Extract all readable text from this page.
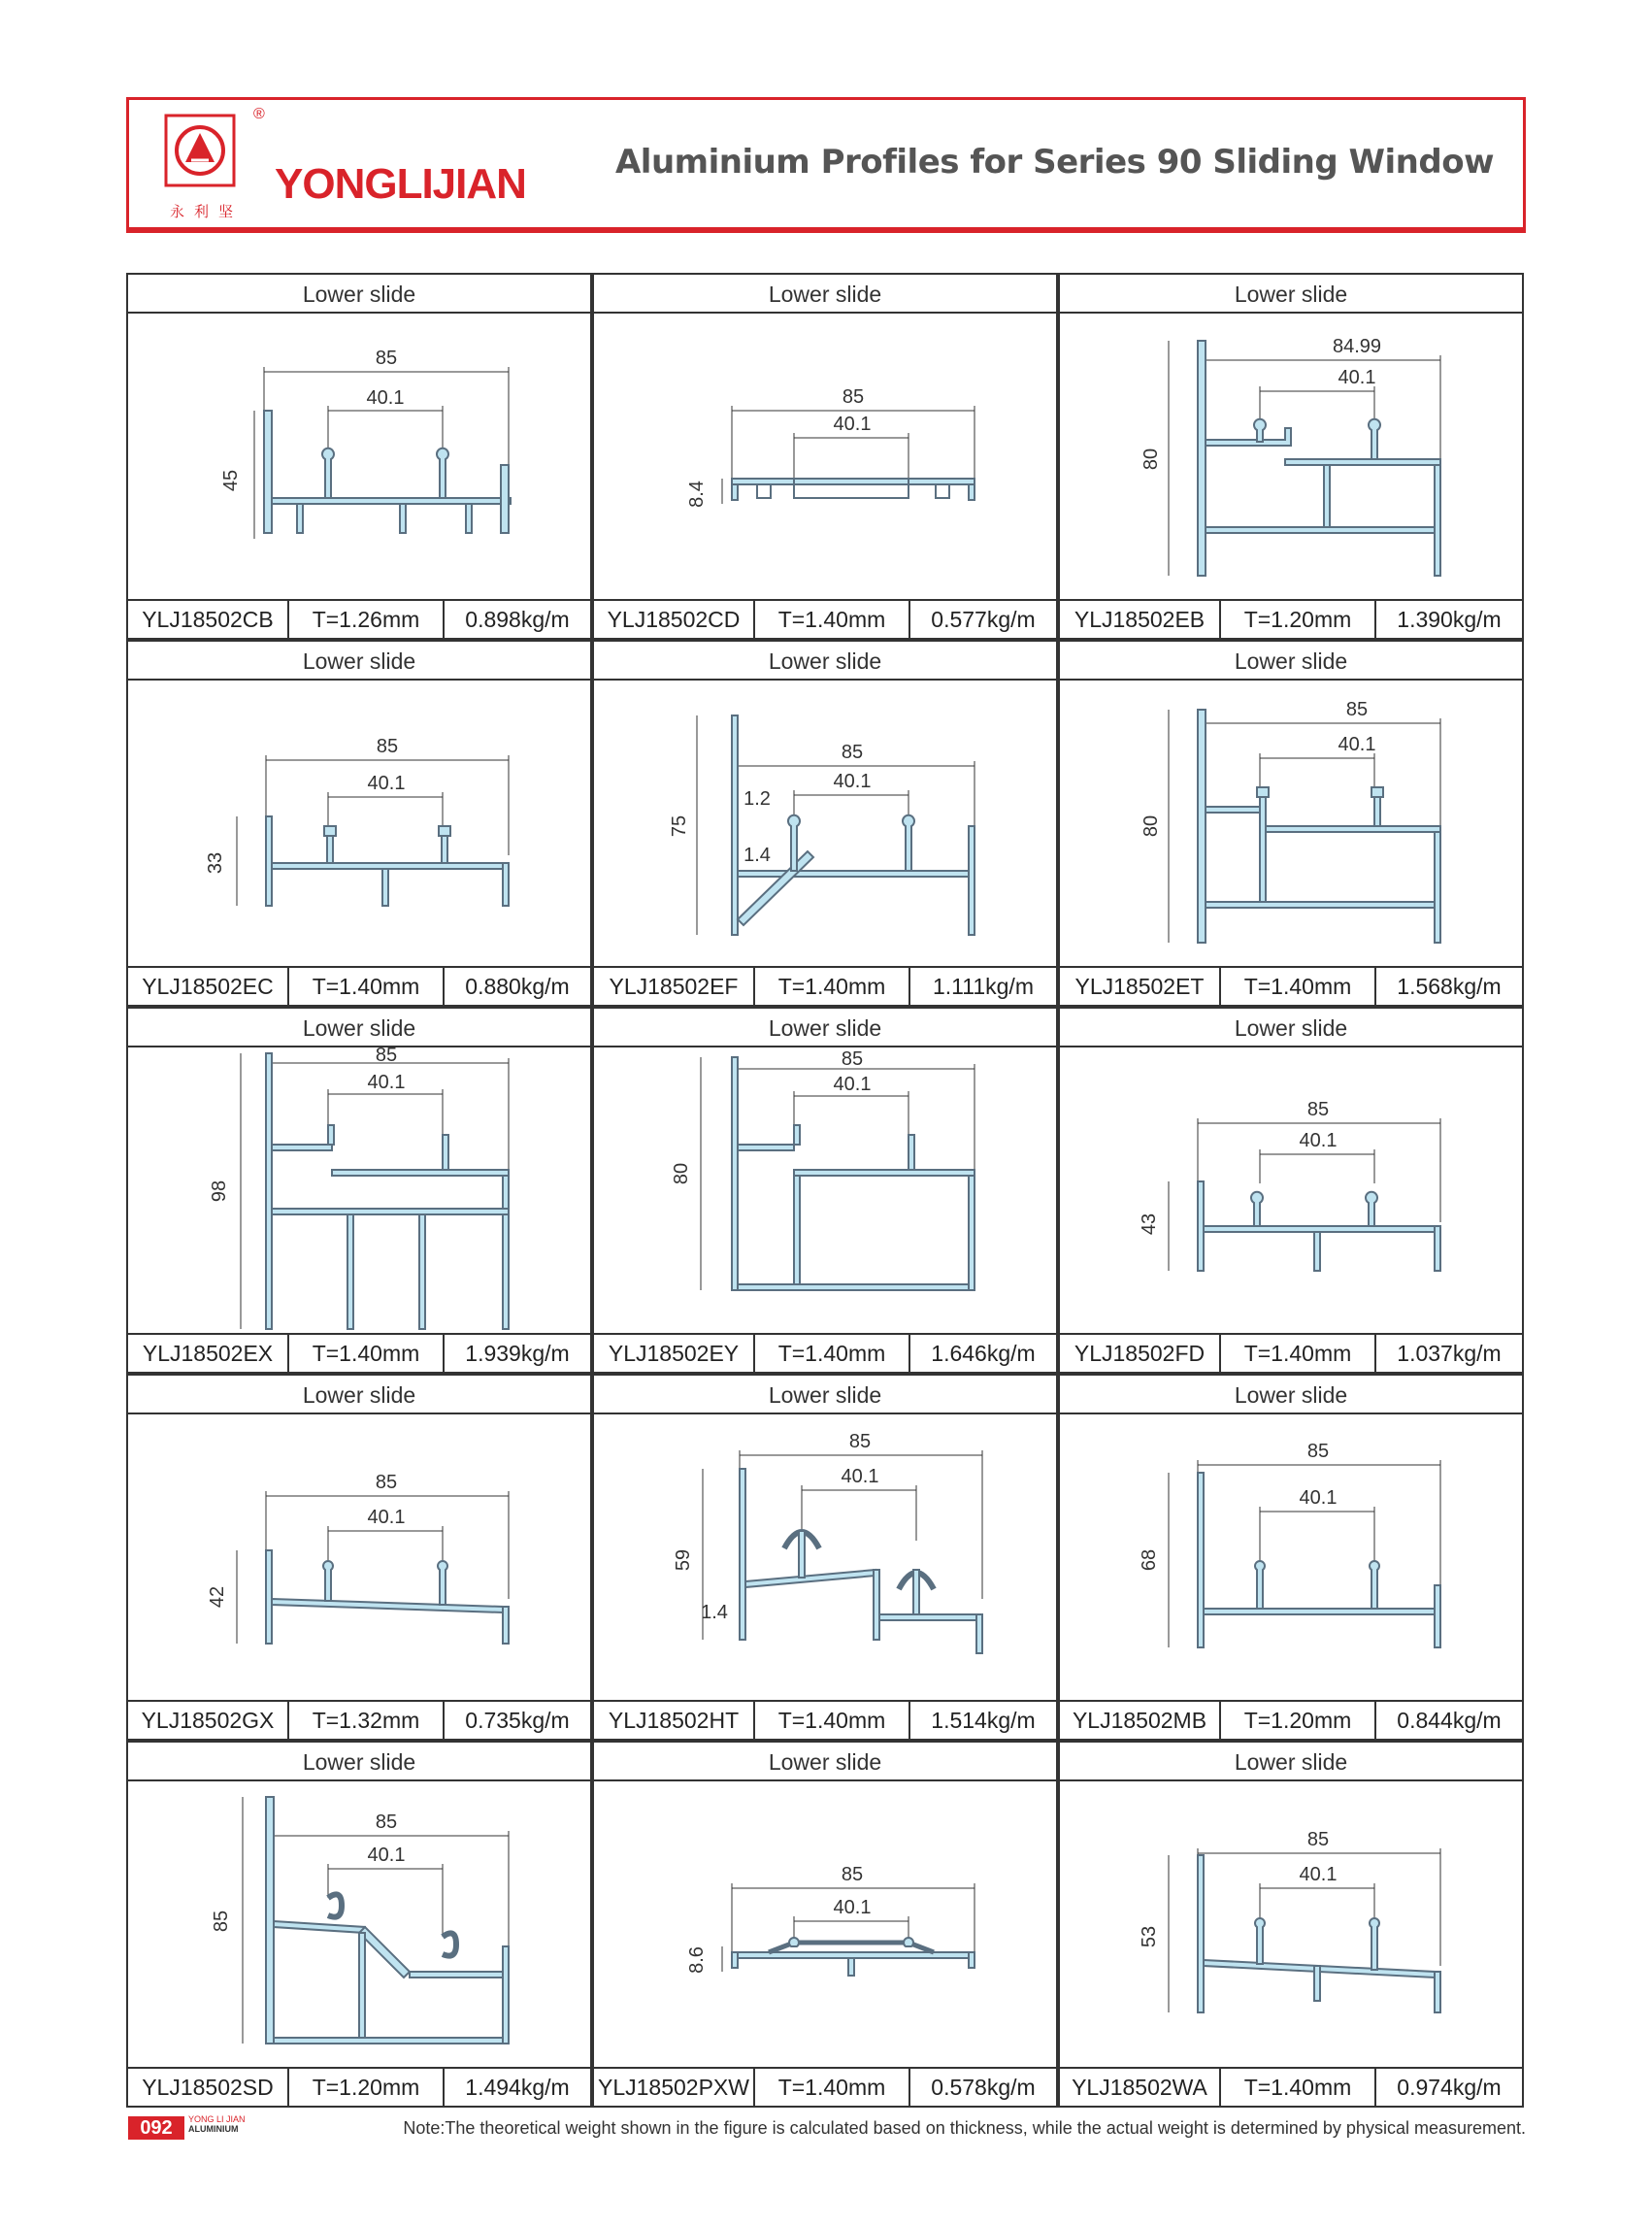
®
永利坚
YONGLIJIAN	Aluminium Profiles for Series 90 Sliding Window
Lower slide
85
40.1
45
YLJ18502CB	T=1.26mm	0.898kg/m
Lower slide
85
40.1
8.4
YLJ18502CD	T=1.40mm	0.577kg/m
Lower slide
84.99
40.1
80
YLJ18502EB	T=1.20mm	1.390kg/m
Lower slide
85
40.1
33
YLJ18502EC	T=1.40mm	0.880kg/m
Lower slide
85
40.1
75
1.2
1.4
YLJ18502EF	T=1.40mm	1.111kg/m
Lower slide
85
40.1
80
YLJ18502ET	T=1.40mm	1.568kg/m
Lower slide
85
40.1
98
YLJ18502EX	T=1.40mm	1.939kg/m
Lower slide
85
40.1
80
YLJ18502EY	T=1.40mm	1.646kg/m
Lower slide
85
40.1
43
YLJ18502FD	T=1.40mm	1.037kg/m
Lower slide
85
40.1
42
YLJ18502GX	T=1.32mm	0.735kg/m
Lower slide
85
40.1
59
1.4
YLJ18502HT	T=1.40mm	1.514kg/m
Lower slide
85
40.1
68
YLJ18502MB	T=1.20mm	0.844kg/m
Lower slide
85
40.1
85
YLJ18502SD	T=1.20mm	1.494kg/m
Lower slide
85
40.1
8.6
YLJ18502PXW	T=1.40mm	0.578kg/m
Lower slide
85
40.1
53
YLJ18502WA	T=1.40mm	0.974kg/m
092	YONG LI JIAN
ALUMINIUM	Note:The theoretical weight shown in the figure is calculated based on thickness, while the actual weight is determined by physical measurement.
